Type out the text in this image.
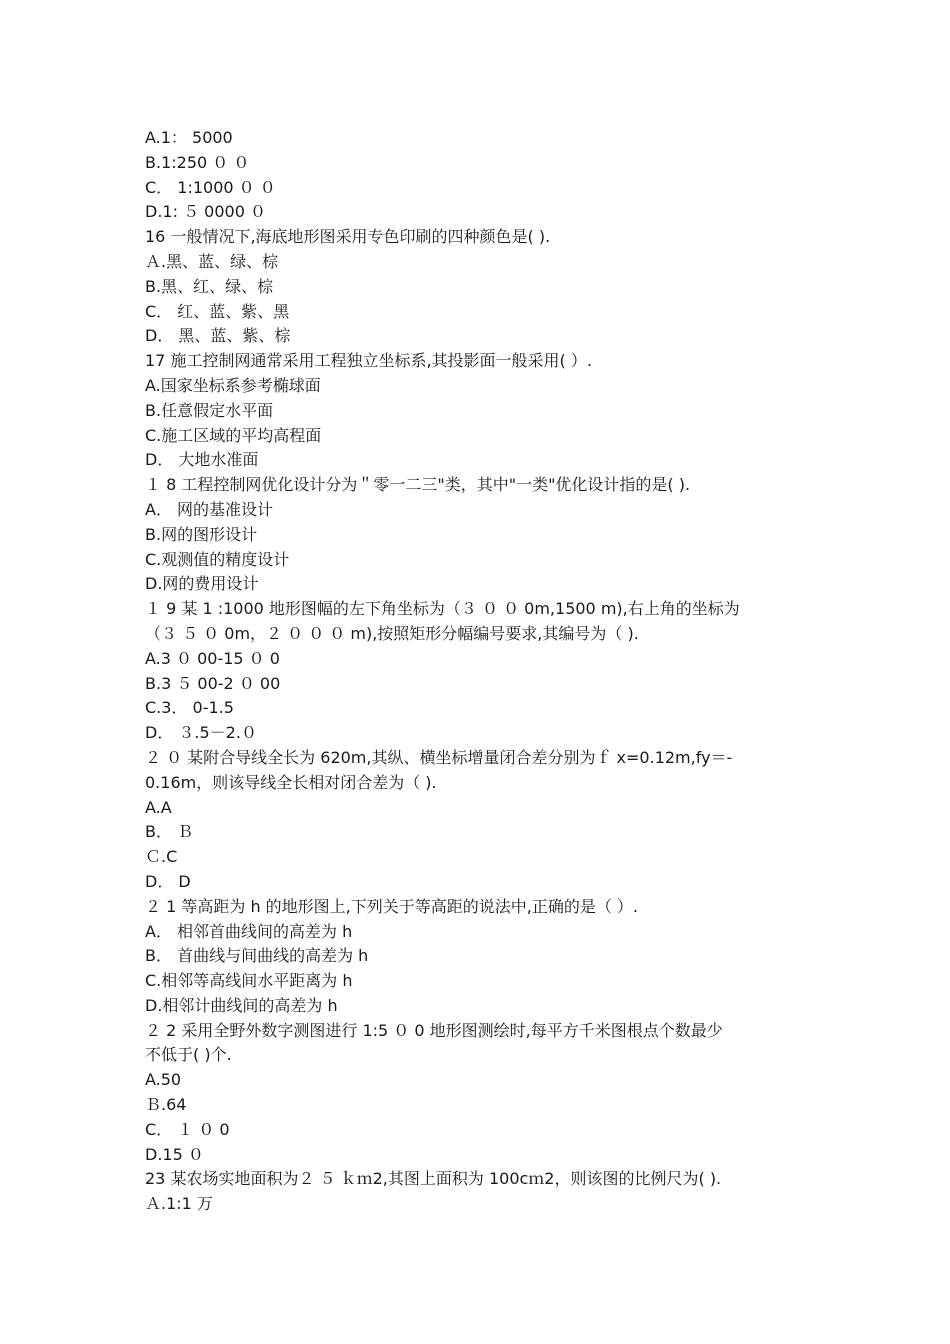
A.1： 5000
B.1:250 ０ ０
C． 1:1000 ０ ０
D.1: ５ 0000 ０
16 一般情况下,海底地形图采用专色印刷的四种颜色是( ).
Ａ.黑、蓝、绿、棕
B.黑、红、绿、棕
C． 红、蓝、紫、黑
D． 黑、蓝、紫、棕
17 施工控制网通常采用工程独立坐标系,其投影面一般采用( ）.
A.国家坐标系参考椭球面
B.任意假定水平面
C.施工区域的平均高程面
D． 大地水准面
１ 8 工程控制网优化设计分为＂零一二三"类，其中"一类"优化设计指的是( ).
A． 网的基准设计
B.网的图形设计
C.观测值的精度设计
D.网的费用设计
１ 9 某 1 :1000 地形图幅的左下角坐标为（３ ０ ０ 0m,1500 m),右上角的坐标为
（３ ５ ０ 0m，２ ０ ０ ０ m),按照矩形分幅编号要求,其编号为（ ).
A.3 ０ 00-15 ０ 0
B.3 ５ 00-2 ０ 00
C.3． 0-1.5
D． ３.5－2.０
２ ０ 某附合导线全长为 620m,其纵、横坐标增量闭合差分别为ｆ x=0.12m,fy＝-
0.16m，则该导线全长相对闭合差为（ ).
A.A
B． Ｂ
Ｃ.C
D． D
２ 1 等高距为 h 的地形图上,下列关于等高距的说法中,正确的是（ ）.
A． 相邻首曲线间的高差为 h
B． 首曲线与间曲线的高差为 h
C.相邻等高线间水平距离为 h
D.相邻计曲线间的高差为 h
２ 2 采用全野外数字测图进行 1:5 ０ 0 地形图测绘时,每平方千米图根点个数最少
不低于( )个.
A.50
Ｂ.64
C． １ ０ 0
D.15 ０
23 某农场实地面积为２ ５ ｋｍ2,其图上面积为 100cｍ2，则该图的比例尺为( ).
Ａ.1:1 万
